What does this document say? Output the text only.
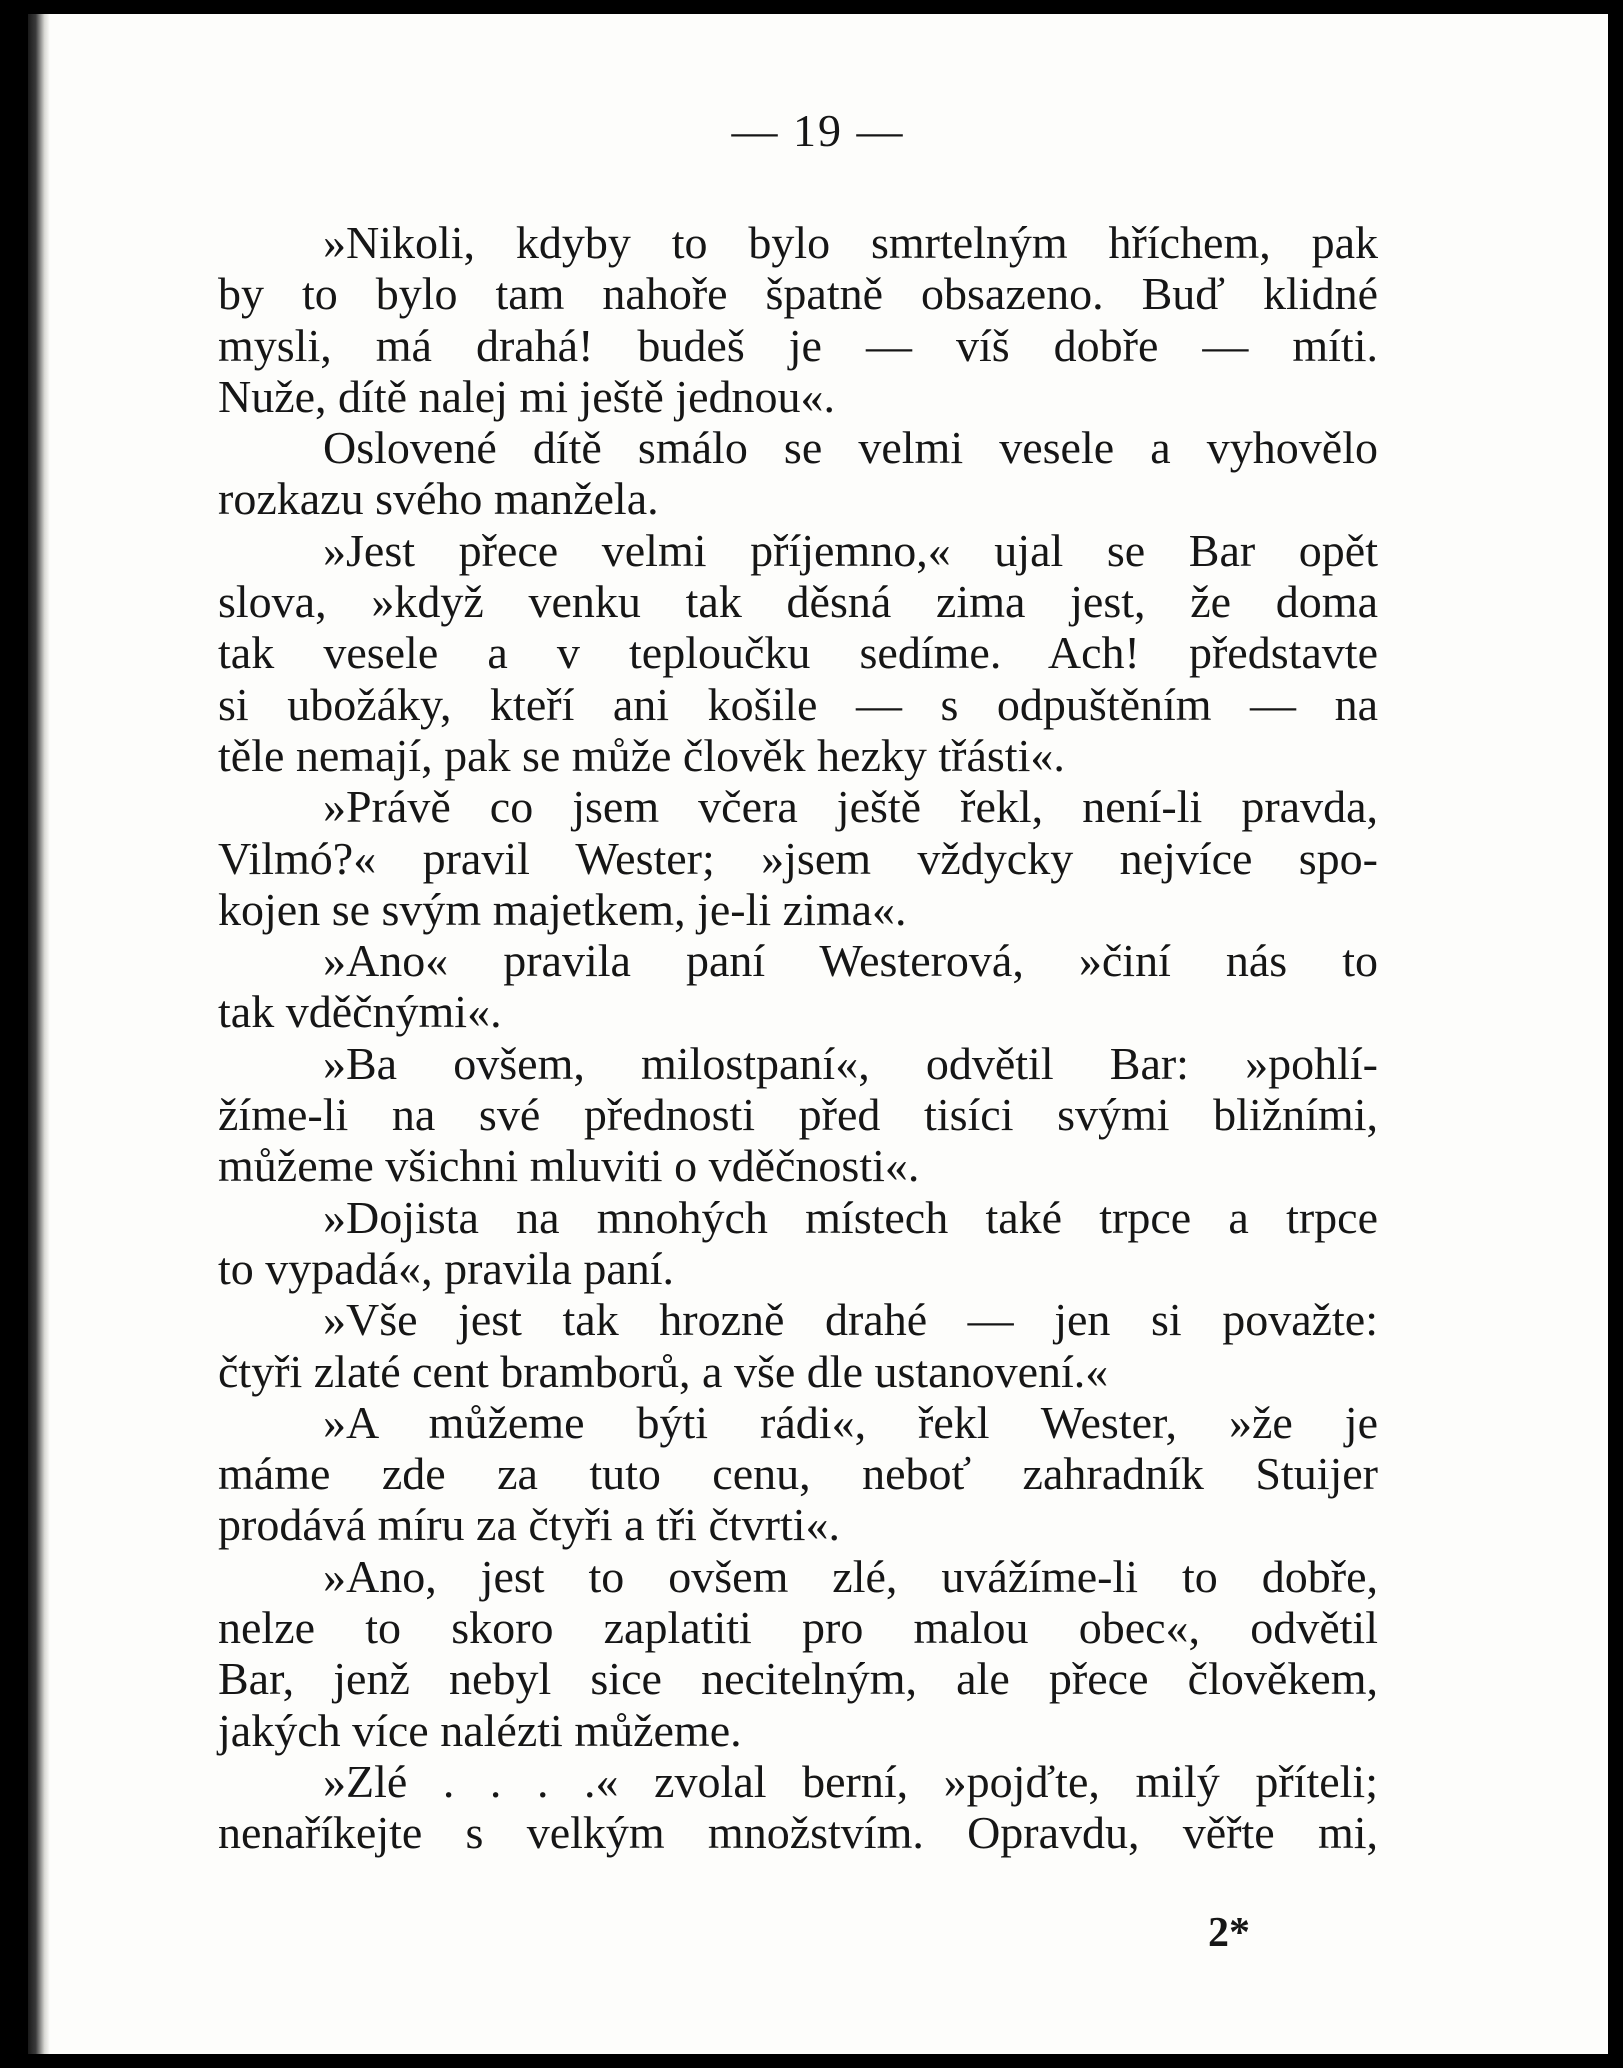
— 19 —
»Nikoli, kdyby to bylo smrtelným hříchem, pak
by to bylo tam nahoře špatně obsazeno. Buď klidné
mysli, má drahá! budeš je — víš dobře — míti.
Nuže, dítě nalej mi ještě jednou«.
Oslovené dítě smálo se velmi vesele a vyhovělo
rozkazu svého manžela.
»Jest přece velmi příjemno,« ujal se Bar opět
slova, »když venku tak děsná zima jest, že doma
tak vesele a v teploučku sedíme. Ach! představte
si ubožáky, kteří ani košile — s odpuštěním — na
těle nemají, pak se může člověk hezky třásti«.
»Právě co jsem včera ještě řekl, není-li pravda,
Vilmó?« pravil Wester; »jsem vždycky nejvíce spo-
kojen se svým majetkem, je-li zima«.
»Ano« pravila paní Westerová, »činí nás to
tak vděčnými«.
»Ba ovšem, milostpaní«, odvětil Bar: »pohlí-
žíme-li na své přednosti před tisíci svými bližními,
můžeme všichni mluviti o vděčnosti«.
»Dojista na mnohých místech také trpce a trpce
to vypadá«, pravila paní.
»Vše jest tak hrozně drahé — jen si považte:
čtyři zlaté cent bramborů, a vše dle ustanovení.«
»A můžeme býti rádi«, řekl Wester, »že je
máme zde za tuto cenu, neboť zahradník Stuijer
prodává míru za čtyři a tři čtvrti«.
»Ano, jest to ovšem zlé, uvážíme-li to dobře,
nelze to skoro zaplatiti pro malou obec«, odvětil
Bar, jenž nebyl sice necitelným, ale přece člověkem,
jakých více nalézti můžeme.
»Zlé . . . .« zvolal berní, »pojďte, milý příteli;
nenaříkejte s velkým množstvím. Opravdu, věřte mi,
2*
